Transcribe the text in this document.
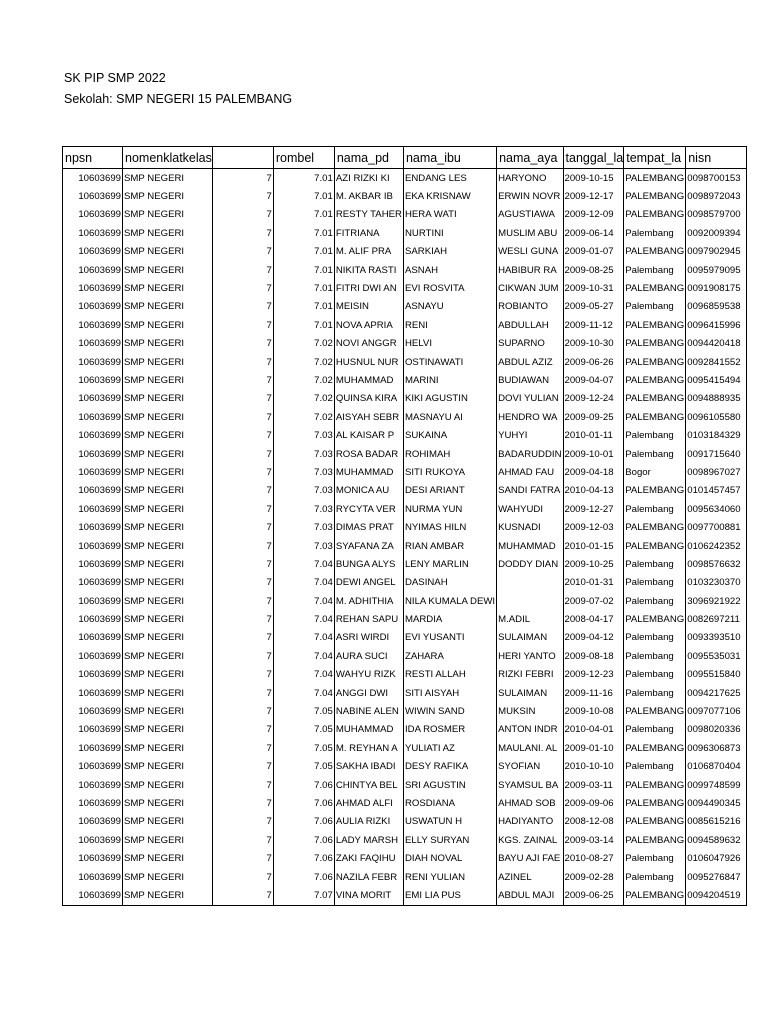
SK PIP SMP 2022
Sekolah: SMP NEGERI 15 PALEMBANG
npsn	nomenklatkelas		rombel	nama_pd	nama_ibu	nama_aya	tanggal_la	tempat_la	nisn
10603699	SMP NEGERI	7	7.01	AZI RIZKI KI	ENDANG LES	HARYONO	2009-10-15	PALEMBANG	0098700153
10603699	SMP NEGERI	7	7.01	M. AKBAR IB	EKA KRISNAW	ERWIN NOVR	2009-12-17	PALEMBANG	0098972043
10603699	SMP NEGERI	7	7.01	RESTY TAHER	HERA WATI	AGUSTIAWA	2009-12-09	PALEMBANG	0098579700
10603699	SMP NEGERI	7	7.01	FITRIANA	NURTINI	MUSLIM ABU	2009-06-14	Palembang	0092009394
10603699	SMP NEGERI	7	7.01	M. ALIF PRA	SARKIAH	WESLI GUNA	2009-01-07	PALEMBANG	0097902945
10603699	SMP NEGERI	7	7.01	NIKITA RASTI	ASNAH	HABIBUR RA	2009-08-25	Palembang	0095979095
10603699	SMP NEGERI	7	7.01	FITRI DWI AN	EVI ROSVITA	CIKWAN JUM	2009-10-31	PALEMBANG	0091908175
10603699	SMP NEGERI	7	7.01	MEISIN	ASNAYU	ROBIANTO	2009-05-27	Palembang	0096859538
10603699	SMP NEGERI	7	7.01	NOVA APRIA	RENI	ABDULLAH	2009-11-12	PALEMBANG	0096415996
10603699	SMP NEGERI	7	7.02	NOVI ANGGR	HELVI	SUPARNO	2009-10-30	PALEMBANG	0094420418
10603699	SMP NEGERI	7	7.02	HUSNUL NUR	OSTINAWATI	ABDUL AZIZ	2009-06-26	PALEMBANG	0092841552
10603699	SMP NEGERI	7	7.02	MUHAMMAD	MARINI	BUDIAWAN	2009-04-07	PALEMBANG	0095415494
10603699	SMP NEGERI	7	7.02	QUINSA KIRA	KIKI AGUSTIN	DOVI YULIAN	2009-12-24	PALEMBANG	0094888935
10603699	SMP NEGERI	7	7.02	AISYAH SEBR	MASNAYU AI	HENDRO WA	2009-09-25	PALEMBANG	0096105580
10603699	SMP NEGERI	7	7.03	AL KAISAR P	SUKAINA	YUHYI	2010-01-11	Palembang	0103184329
10603699	SMP NEGERI	7	7.03	ROSA BADAR	ROHIMAH	BADARUDDIN	2009-10-01	Palembang	0091715640
10603699	SMP NEGERI	7	7.03	MUHAMMAD	SITI RUKOYA	AHMAD FAU	2009-04-18	Bogor	0098967027
10603699	SMP NEGERI	7	7.03	MONICA AU	DESI ARIANT	SANDI FATRA	2010-04-13	PALEMBANG	0101457457
10603699	SMP NEGERI	7	7.03	RYCYTA VER	NURMA YUN	WAHYUDI	2009-12-27	Palembang	0095634060
10603699	SMP NEGERI	7	7.03	DIMAS PRAT	NYIMAS HILN	KUSNADI	2009-12-03	PALEMBANG	0097700881
10603699	SMP NEGERI	7	7.03	SYAFANA ZA	RIAN AMBAR	MUHAMMAD	2010-01-15	PALEMBANG	0106242352
10603699	SMP NEGERI	7	7.04	BUNGA ALYS	LENY MARLIN	DODDY DIAN	2009-10-25	Palembang	0098576632
10603699	SMP NEGERI	7	7.04	DEWI ANGEL	DASINAH		2010-01-31	Palembang	0103230370
10603699	SMP NEGERI	7	7.04	M. ADHITHIA	NILA KUMALA DEWI		2009-07-02	Palembang	3096921922
10603699	SMP NEGERI	7	7.04	REHAN SAPU	MARDIA	M.ADIL	2008-04-17	PALEMBANG	0082697211
10603699	SMP NEGERI	7	7.04	ASRI WIRDI	EVI YUSANTI	SULAIMAN	2009-04-12	Palembang	0093393510
10603699	SMP NEGERI	7	7.04	AURA SUCI	ZAHARA	HERI YANTO	2009-08-18	Palembang	0095535031
10603699	SMP NEGERI	7	7.04	WAHYU RIZK	RESTI ALLAH	RIZKI FEBRI	2009-12-23	Palembang	0095515840
10603699	SMP NEGERI	7	7.04	ANGGI DWI	SITI AISYAH	SULAIMAN	2009-11-16	Palembang	0094217625
10603699	SMP NEGERI	7	7.05	NABINE ALEN	WIWIN SAND	MUKSIN	2009-10-08	PALEMBANG	0097077106
10603699	SMP NEGERI	7	7.05	MUHAMMAD	IDA ROSMER	ANTON INDR	2010-04-01	Palembang	0098020336
10603699	SMP NEGERI	7	7.05	M. REYHAN A	YULIATI AZ	MAULANI. AL	2009-01-10	PALEMBANG	0096306873
10603699	SMP NEGERI	7	7.05	SAKHA IBADI	DESY RAFIKA	SYOFIAN	2010-10-10	Palembang	0106870404
10603699	SMP NEGERI	7	7.06	CHINTYA BEL	SRI AGUSTIN	SYAMSUL BA	2009-03-11	PALEMBANG	0099748599
10603699	SMP NEGERI	7	7.06	AHMAD ALFI	ROSDIANA	AHMAD SOB	2009-09-06	PALEMBANG	0094490345
10603699	SMP NEGERI	7	7.06	AULIA RIZKI	USWATUN H	HADIYANTO	2008-12-08	PALEMBANG	0085615216
10603699	SMP NEGERI	7	7.06	LADY MARSH	ELLY SURYAN	KGS. ZAINAL	2009-03-14	PALEMBANG	0094589632
10603699	SMP NEGERI	7	7.06	ZAKI FAQIHU	DIAH NOVAL	BAYU AJI FAE	2010-08-27	Palembang	0106047926
10603699	SMP NEGERI	7	7.06	NAZILA FEBR	RENI YULIAN	AZINEL	2009-02-28	Palembang	0095276847
10603699	SMP NEGERI	7	7.07	VINA MORIT	EMI LIA PUS	ABDUL MAJI	2009-06-25	PALEMBANG	0094204519
